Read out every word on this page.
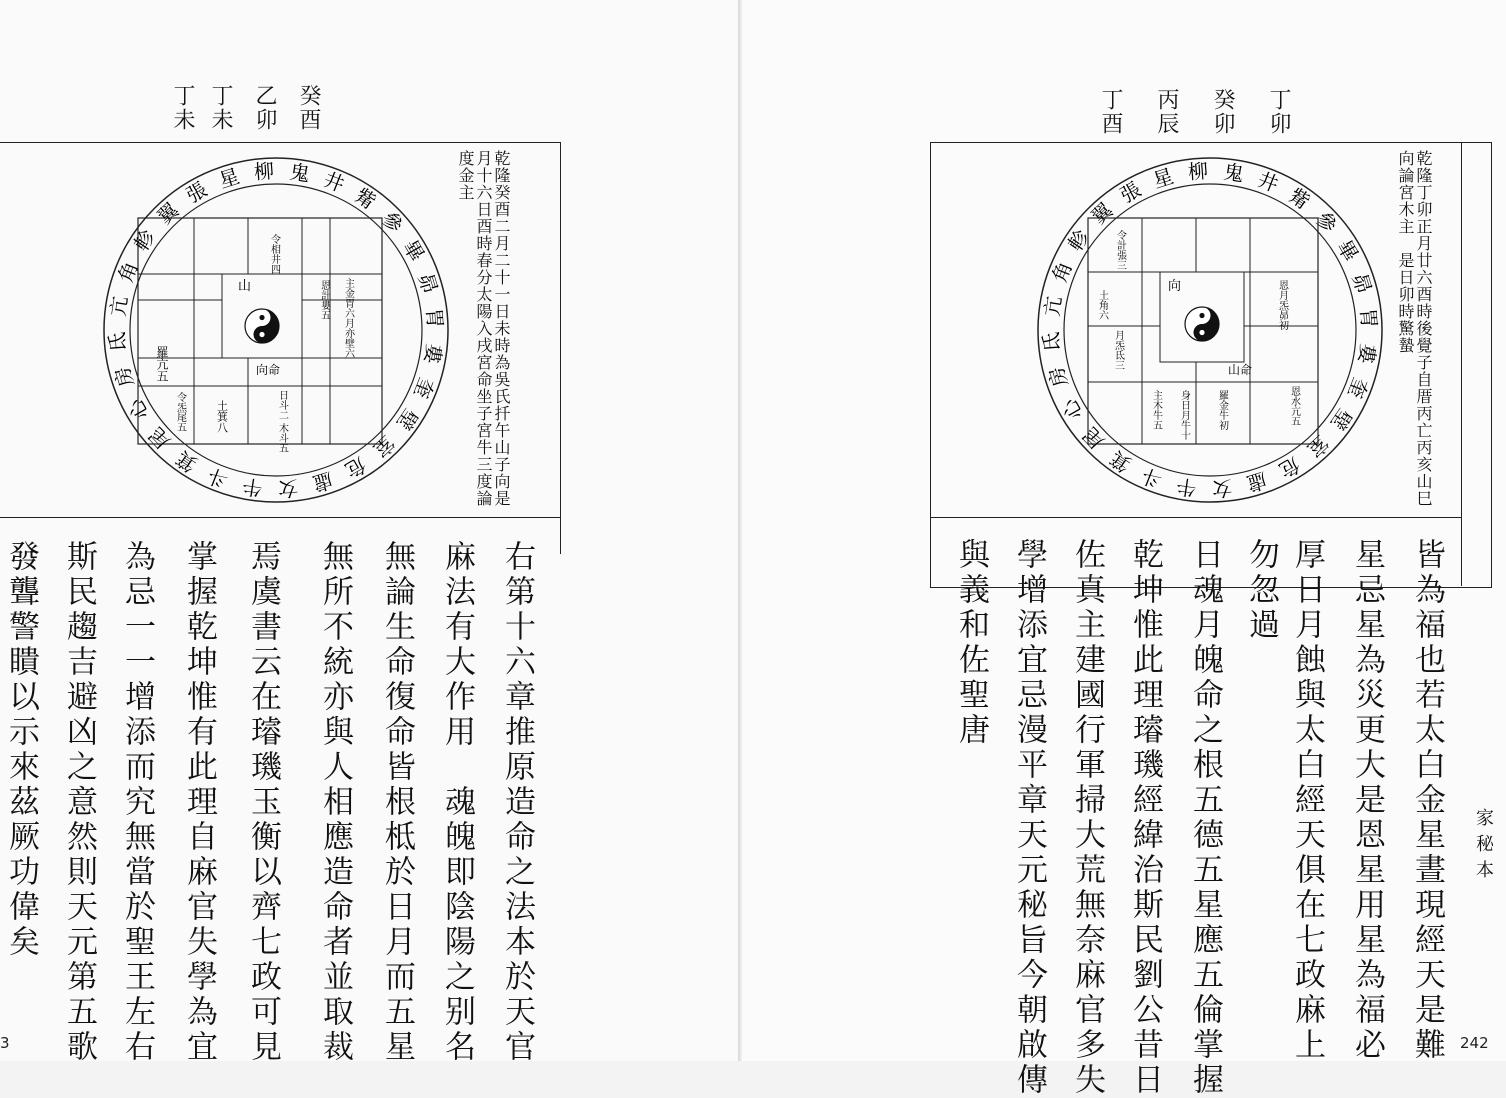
癸酉
乙卯
丁未
丁未
乾隆癸酉二月二十一日未時為吳氏扦午山子向是月十六日酉時春分太陽入戌宮命坐子宮牛三度論度金主
山
向命
令相井四
主金胃六月亦壁六
恩計婁五
羅亢五
令炁尾五	土箕八	日斗二 木斗五
張 星 柳 鬼 井
觜
參
畢
昴
胃
婁
奎
壁
室
危
虛
女
牛
斗
箕
尾
心
房
氐
亢
角
軫
翼
右第十六章推原造命之法本於天官
麻法有大作用　魂魄即陰陽之别名
無論生命復命皆根柢於日月而五星
無所不統亦與人相應造命者並取裁
焉虞書云在璿璣玉衡以齊七政可見
掌握乾坤惟有此理自麻官失學為宜
為忌一一增添而究無當於聖王左右
斯民趨吉避凶之意然則天元第五歌
發聾警瞶以示來茲厥功偉矣
3
丁卯
癸卯
丙辰
丁酉
乾隆丁卯正月廿六酉時後覺子自厝丙亡丙亥山巳向論宮木主　是日卯時驚蟄
向
山命
令計張三
土角六	恩月炁昴初
月炁氐三
身日月牛十	羅金牛初
主木牛五	恩水亢五
張 星 柳 鬼 井
觜
參
畢
昴
胃
婁
奎
壁
室
危
虛
女
牛
斗
箕
尾
心
房
氐
亢
角
軫
翼
皆為福也若太白金星晝現經天是難
星忌星為災更大是恩星用星為福必
厚日月蝕與太白經天俱在七政麻上
勿忽過
日魂月魄命之根五德五星應五倫掌握
乾坤惟此理璿璣經緯治斯民劉公昔日
佐真主建國行軍掃大荒無奈麻官多失
學增添宜忌漫平章天元秘旨今朝啟傳
與義和佐聖唐
家秘本
242
